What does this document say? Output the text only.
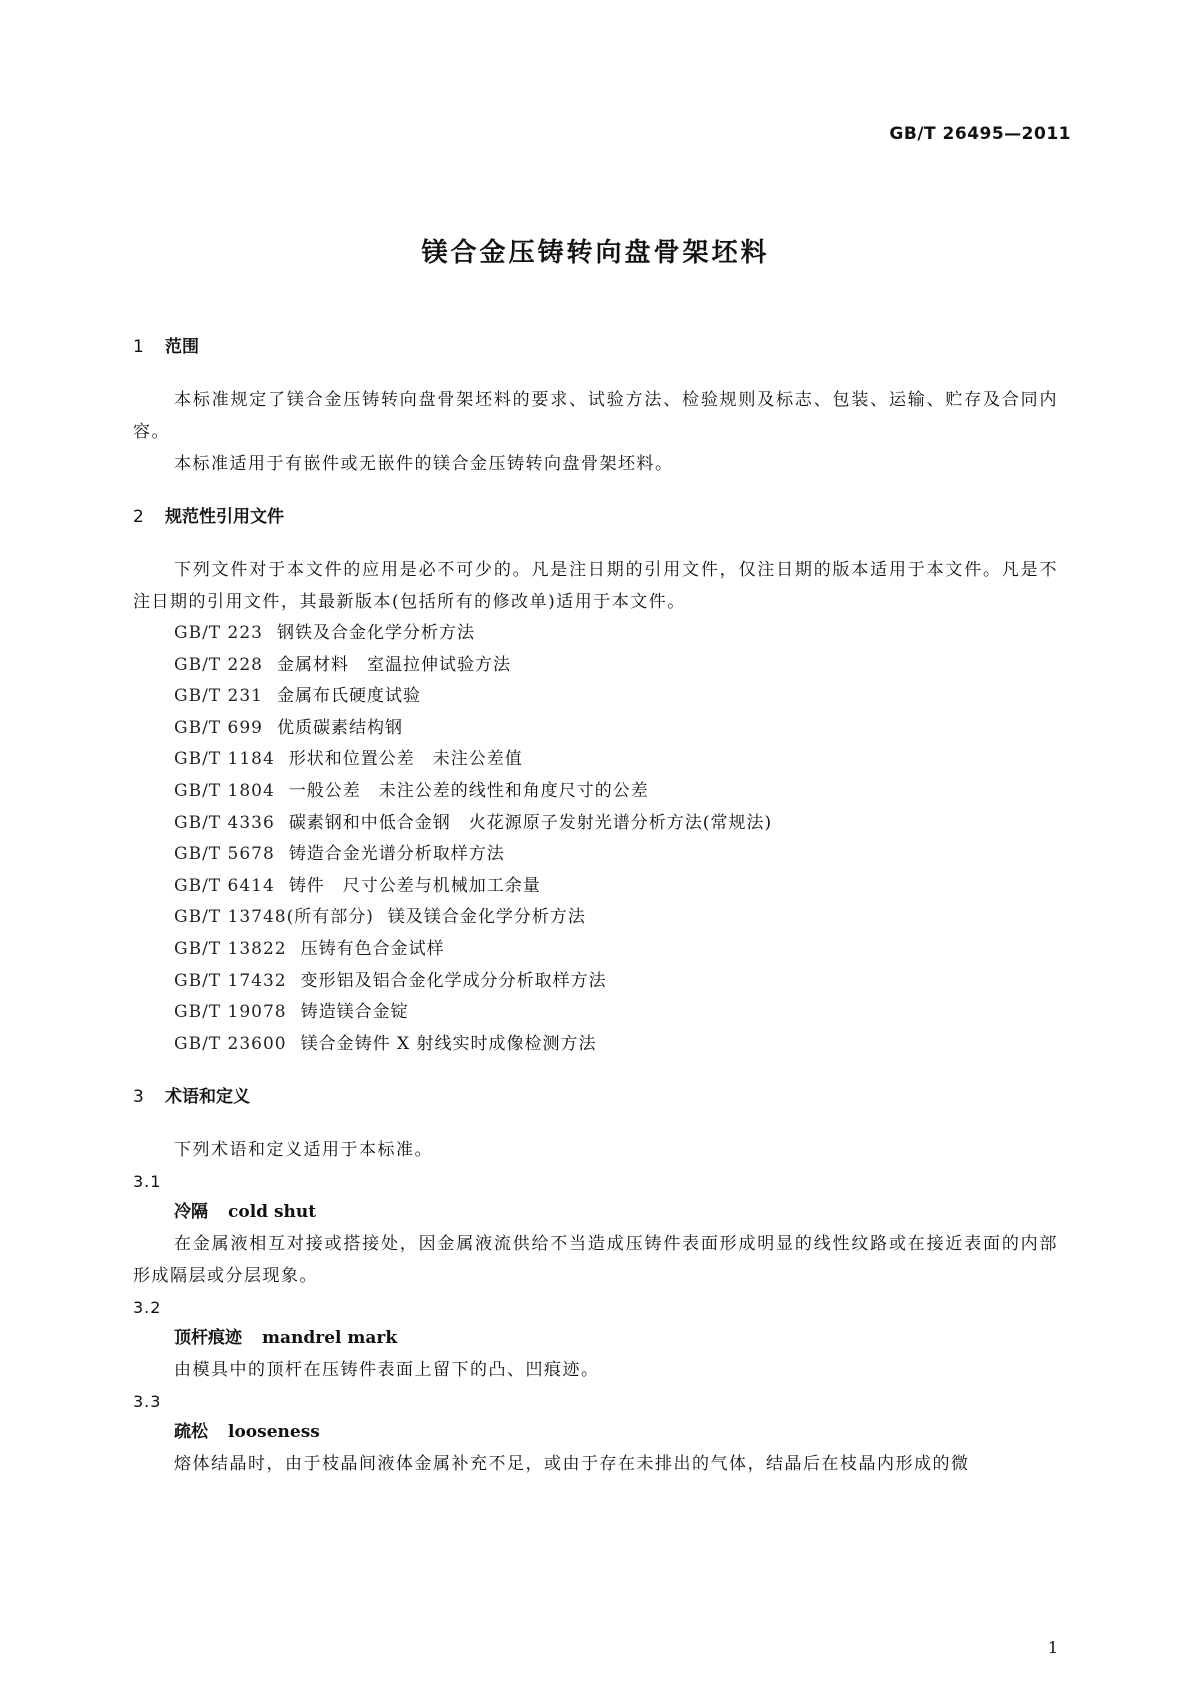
GB/T 26495—2011
镁合金压铸转向盘骨架坯料
1 范围

本标准规定了镁合金压铸转向盘骨架坯料的要求、试验方法、检验规则及标志、包装、运输、贮存及合同内容。

本标准适用于有嵌件或无嵌件的镁合金压铸转向盘骨架坯料。

2 规范性引用文件

下列文件对于本文件的应用是必不可少的。凡是注日期的引用文件，仅注日期的版本适用于本文件。凡是不注日期的引用文件，其最新版本(包括所有的修改单)适用于本文件。

GB/T 223 钢铁及合金化学分析方法
GB/T 228 金属材料　室温拉伸试验方法
GB/T 231 金属布氏硬度试验
GB/T 699 优质碳素结构钢
GB/T 1184 形状和位置公差　未注公差值
GB/T 1804 一般公差　未注公差的线性和角度尺寸的公差
GB/T 4336 碳素钢和中低合金钢　火花源原子发射光谱分析方法(常规法)
GB/T 5678 铸造合金光谱分析取样方法
GB/T 6414 铸件　尺寸公差与机械加工余量
GB/T 13748(所有部分) 镁及镁合金化学分析方法
GB/T 13822 压铸有色合金试样
GB/T 17432 变形铝及铝合金化学成分分析取样方法
GB/T 19078 铸造镁合金锭
GB/T 23600 镁合金铸件 X 射线实时成像检测方法
3 术语和定义

下列术语和定义适用于本标准。

3.1
冷隔 cold shut

在金属液相互对接或搭接处，因金属液流供给不当造成压铸件表面形成明显的线性纹路或在接近表面的内部形成隔层或分层现象。

3.2
顶杆痕迹 mandrel mark

由模具中的顶杆在压铸件表面上留下的凸、凹痕迹。

3.3
疏松 looseness

熔体结晶时，由于枝晶间液体金属补充不足，或由于存在未排出的气体，结晶后在枝晶内形成的微

1
